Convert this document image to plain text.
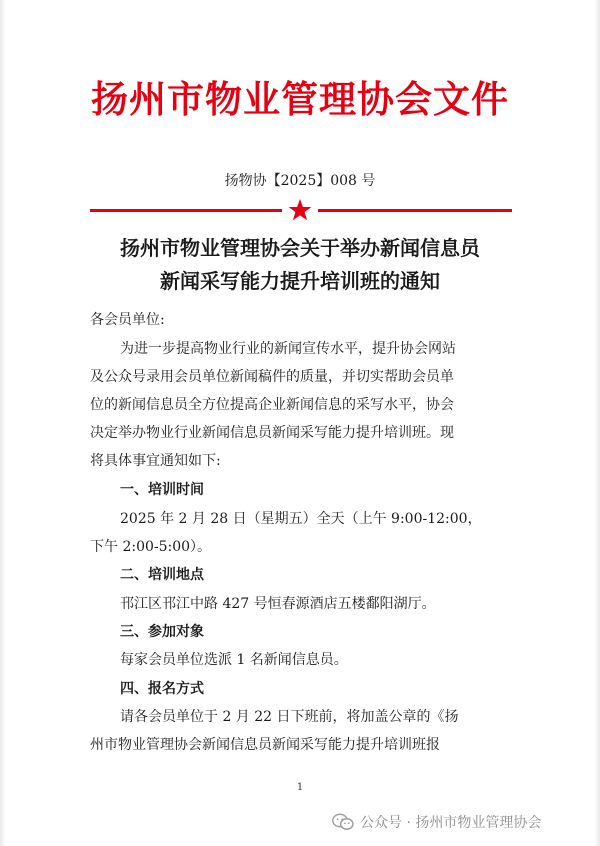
扬州市物业管理协会文件
扬物协【2025】008 号
扬州市物业管理协会关于举办新闻信息员
新闻采写能力提升培训班的通知
各会员单位:
为进一步提高物业行业的新闻宣传水平，提升协会网站
及公众号录用会员单位新闻稿件的质量，并切实帮助会员单
位的新闻信息员全方位提高企业新闻信息的采写水平，协会
决定举办物业行业新闻信息员新闻采写能力提升培训班。现
将具体事宜通知如下:
一、培训时间
2025 年 2 月 28 日（星期五）全天（上午 9:00-12:00，
下午 2:00-5:00）。
二、培训地点
邗江区邗江中路 427 号恒春源酒店五楼鄱阳湖厅。
三、参加对象
每家会员单位选派 1 名新闻信息员。
四、报名方式
请各会员单位于 2 月 22 日下班前，将加盖公章的《扬
州市物业管理协会新闻信息员新闻采写能力提升培训班报
1
公众号 · 扬州市物业管理协会
